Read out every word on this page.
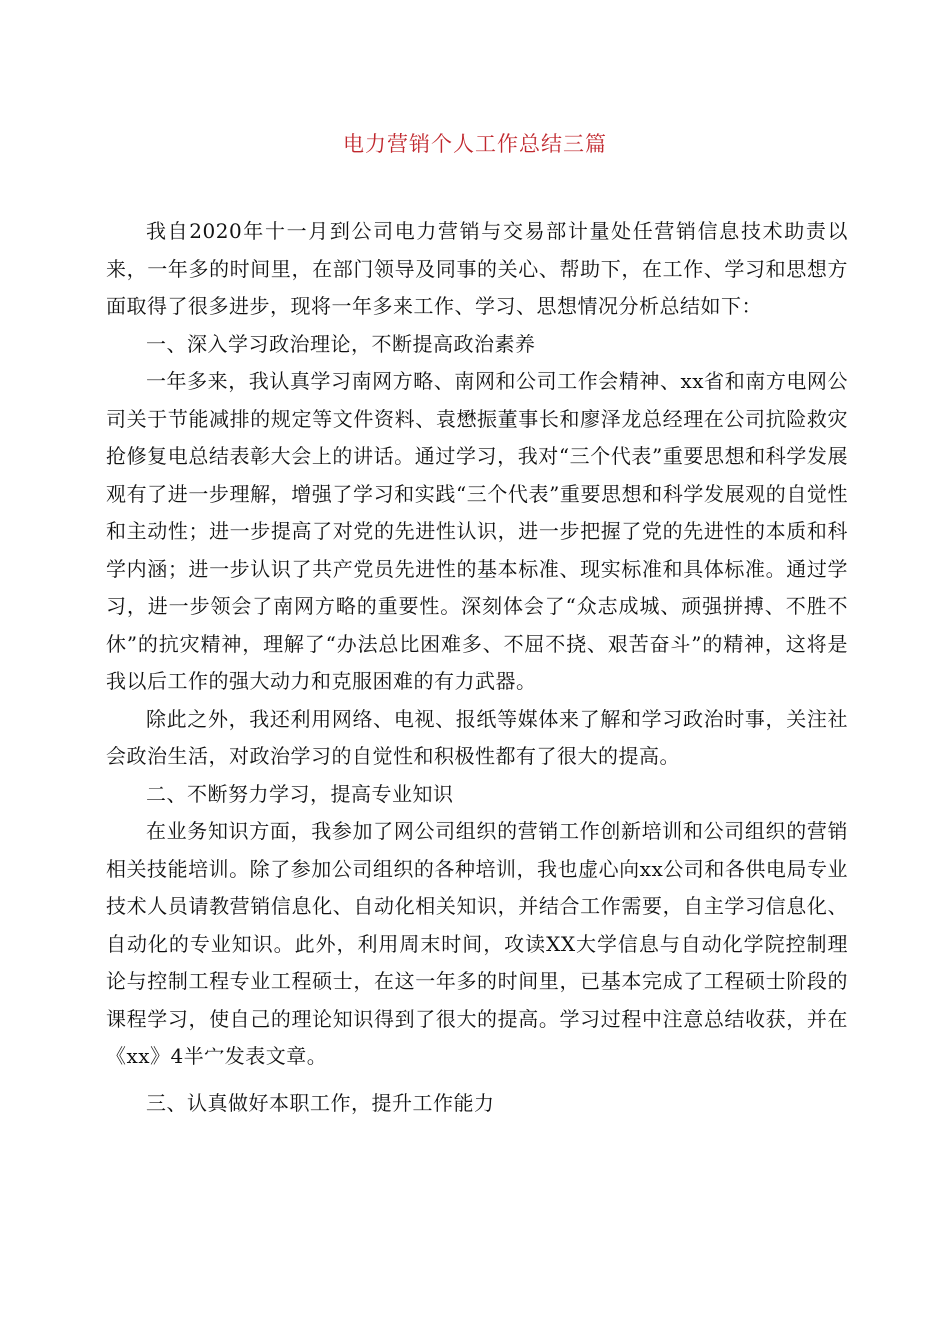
电力营销个人工作总结三篇

我自2020年十一月到公司电力营销与交易部计量处任营销信息技术助责以来，一年多的时间里，在部门领导及同事的关心、帮助下，在工作、学习和思想方面取得了很多进步，现将一年多来工作、学习、思想情况分析总结如下：

一、深入学习政治理论，不断提高政治素养

一年多来，我认真学习南网方略、南网和公司工作会精神、xx省和南方电网公司关于节能减排的规定等文件资料、袁懋振董事长和廖泽龙总经理在公司抗险救灾抢修复电总结表彰大会上的讲话。通过学习，我对“三个代表”重要思想和科学发展观有了进一步理解，增强了学习和实践“三个代表”重要思想和科学发展观的自觉性和主动性；进一步提高了对党的先进性认识，进一步把握了党的先进性的本质和科学内涵；进一步认识了共产党员先进性的基本标准、现实标准和具体标准。通过学习，进一步领会了南网方略的重要性。深刻体会了“众志成城、顽强拼搏、不胜不休”的抗灾精神，理解了“办法总比困难多、不屈不挠、艰苦奋斗”的精神，这将是我以后工作的强大动力和克服困难的有力武器。

除此之外，我还利用网络、电视、报纸等媒体来了解和学习政治时事，关注社会政治生活，对政治学习的自觉性和积极性都有了很大的提高。

二、不断努力学习，提高专业知识

在业务知识方面，我参加了网公司组织的营销工作创新培训和公司组织的营销相关技能培训。除了参加公司组织的各种培训，我也虚心向xx公司和各供电局专业技术人员请教营销信息化、自动化相关知识，并结合工作需要，自主学习信息化、自动化的专业知识。此外，利用周末时间，攻读XX大学信息与自动化学院控制理论与控制工程专业工程硕士，在这一年多的时间里，已基本完成了工程硕士阶段的课程学习，使自己的理论知识得到了很大的提高。学习过程中注意总结收获，并在《xx》4半宀发表文章。

三、认真做好本职工作，提升工作能力
